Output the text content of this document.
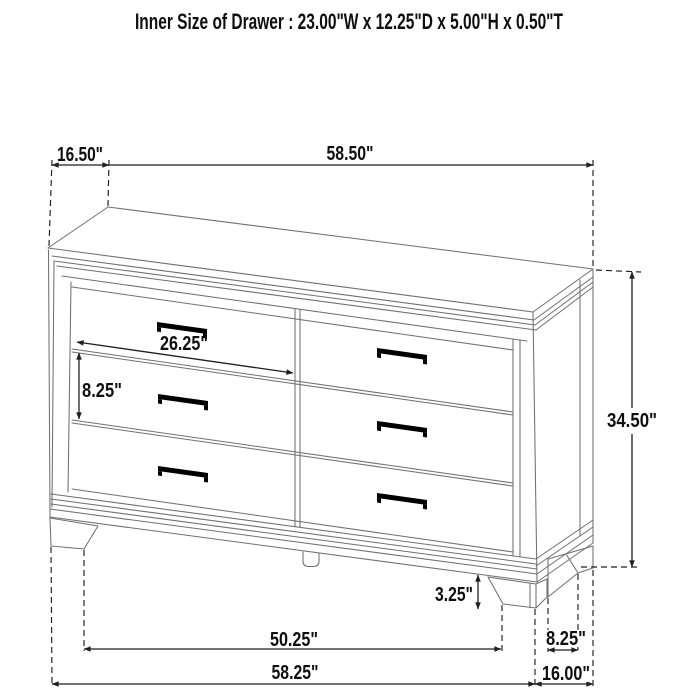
16.50"	58.50"
26.25"
8.25"
34.50"
3.25"
50.25"	8.25"
58.25"	16.00"
Inner Size of Drawer : 23.00"W x 12.25"D x 5.00"H x 0.50"T
